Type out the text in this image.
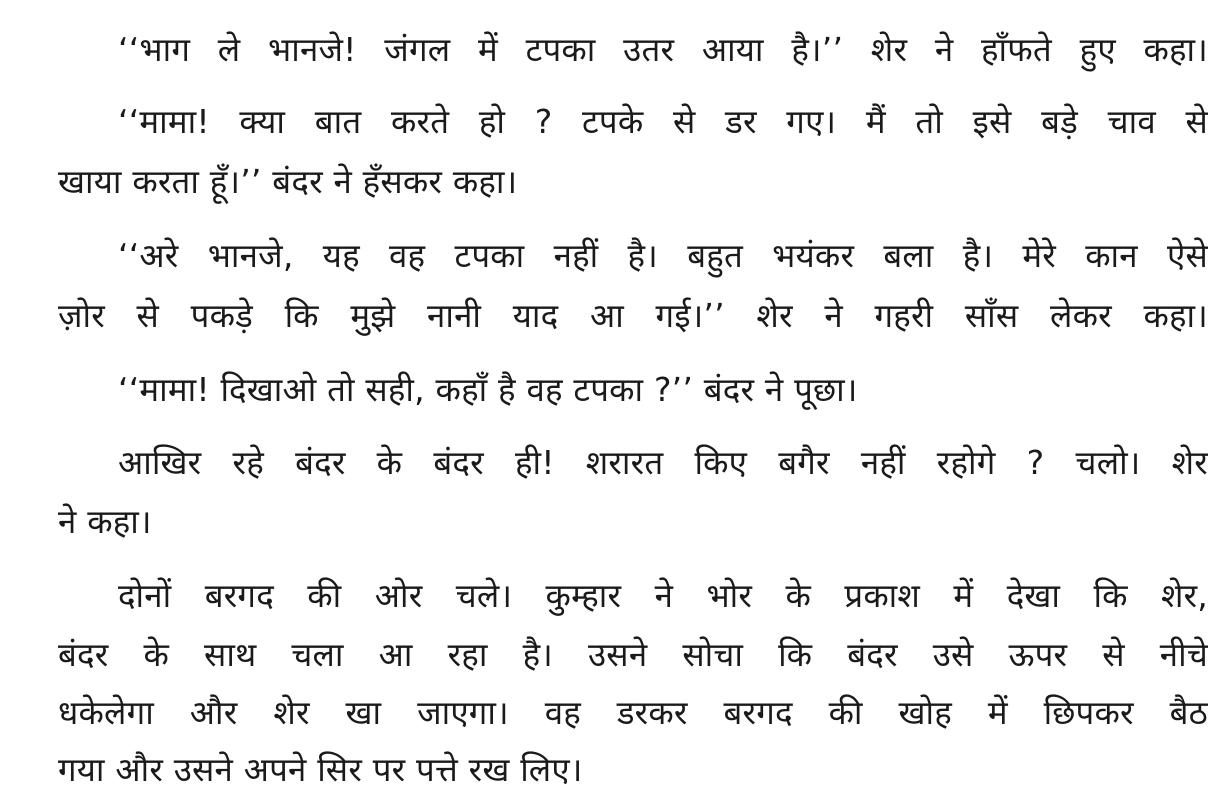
‘‘भाग ले भानजे! जंगल में टपका उतर आया है।’’ शेर ने हाँफते हुए कहा।
‘‘मामा! क्या बात करते हो ? टपके से डर गए। मैं तो इसे बड़े चाव से
खाया करता हूँ।’’ बंदर ने हँसकर कहा।
‘‘अरे भानजे, यह वह टपका नहीं है। बहुत भयंकर बला है। मेरे कान ऐसे
ज़ोर से पकड़े कि मुझे नानी याद आ गई।’’ शेर ने गहरी साँस लेकर कहा।
‘‘मामा! दिखाओ तो सही, कहाँ है वह टपका ?’’ बंदर ने पूछा।
आखिर रहे बंदर के बंदर ही! शरारत किए बगैर नहीं रहोगे ? चलो। शेर
ने कहा।
दोनों बरगद की ओर चले। कुम्हार ने भोर के प्रकाश में देखा कि शेर,
बंदर के साथ चला आ रहा है। उसने सोचा कि बंदर उसे ऊपर से नीचे
धकेलेगा और शेर खा जाएगा। वह डरकर बरगद की खोह में छिपकर बैठ
गया और उसने अपने सिर पर पत्ते रख लिए।
